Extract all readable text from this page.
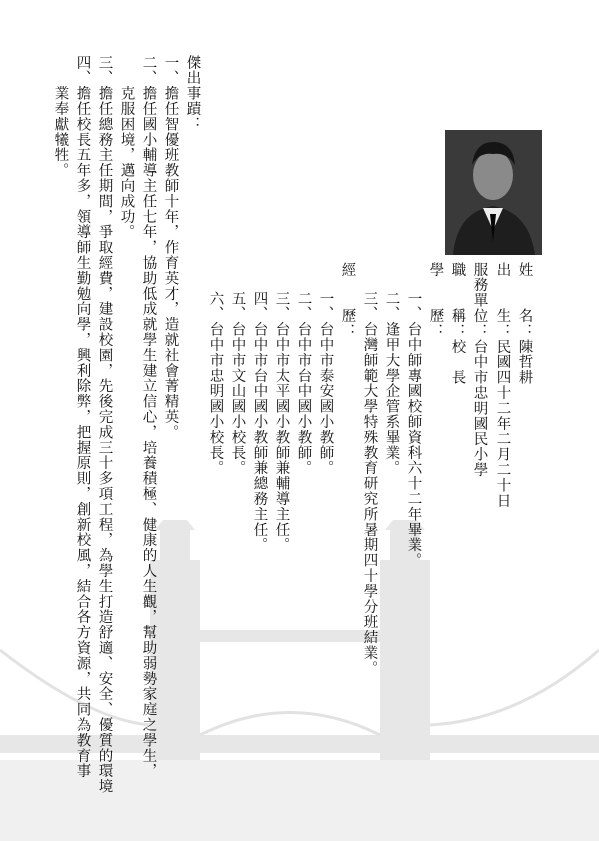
姓　　名：陳哲耕
出　　生：民國四十二年二月二十日
服務單位：台中市忠明國民小學
職　　稱：校　長
學　　歷：
一、台中師專國校師資科六十二年畢業。
二、逢甲大學企管系畢業。
三、台灣師範大學特殊教育研究所暑期四十學分班結業。
經　　歷：
一、台中市泰安國小教師。
二、台中市台中國小教師。
三、台中市太平國小教師兼輔導主任。
四、台中市台中國小教師兼總務主任。
五、台中市文山國小校長。
六、台中市忠明國小校長。
傑出事蹟：
一、擔任智優班教師十年，作育英才，造就社會菁精英。
二、擔任國小輔導主任七年，協助低成就學生建立信心，培養積極、健康的人生觀，幫助弱勢家庭之學生，
　　克服困境，邁向成功。
三、擔任總務主任期間，爭取經費，建設校園，先後完成三十多項工程，為學生打造舒適、安全、優質的環境
四、擔任校長五年多，領導師生勤勉向學，興利除弊，把握原則，創新校風，結合各方資源，共同為教育事
　　業奉獻犧牲。
